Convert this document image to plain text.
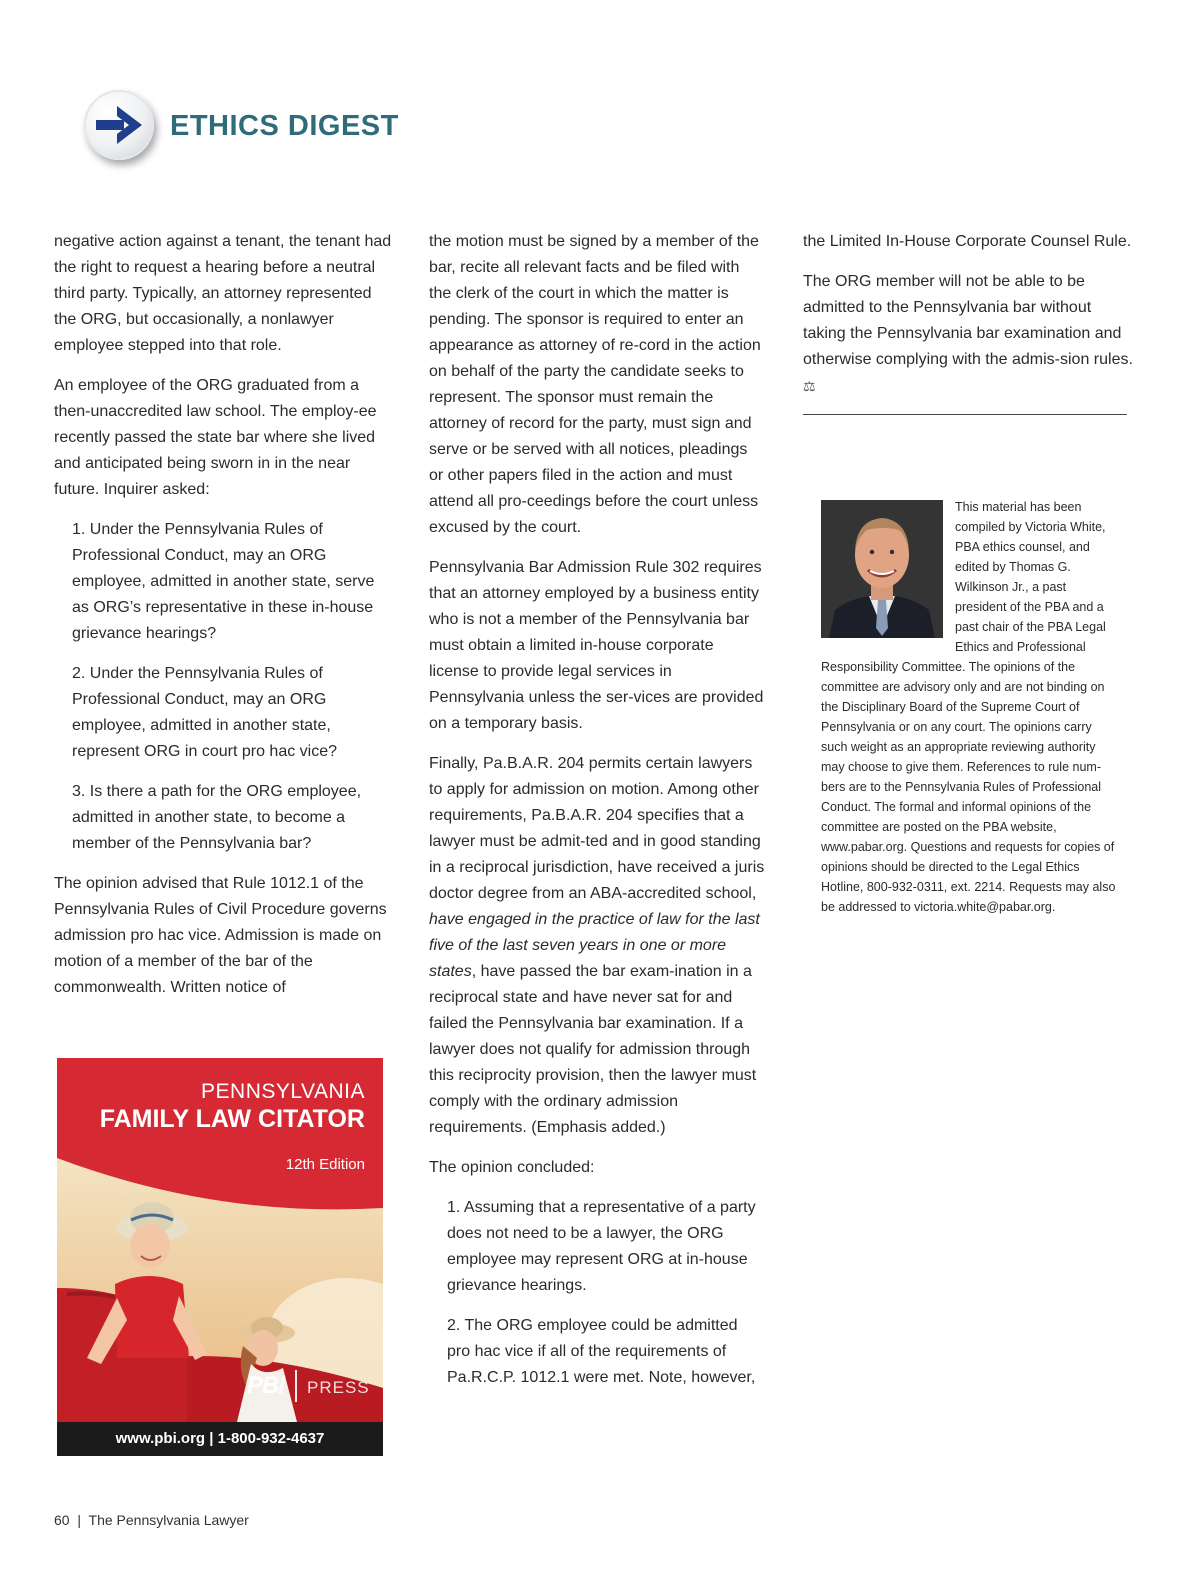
ETHICS DIGEST

negative action against a tenant, the tenant had the right to request a hearing before a neutral third party. Typically, an attorney represented the ORG, but occasionally, a nonlawyer employee stepped into that role.

An employee of the ORG graduated from a then-unaccredited law school. The employ-ee recently passed the state bar where she lived and anticipated being sworn in in the near future. Inquirer asked:

1. Under the Pennsylvania Rules of Professional Conduct, may an ORG employee, admitted in another state, serve as ORG’s representative in these in-house grievance hearings?

2. Under the Pennsylvania Rules of Professional Conduct, may an ORG employee, admitted in another state, represent ORG in court pro hac vice?

3. Is there a path for the ORG employee, admitted in another state, to become a member of the Pennsylvania bar?

The opinion advised that Rule 1012.1 of the Pennsylvania Rules of Civil Procedure governs admission pro hac vice. Admission is made on motion of a member of the bar of the commonwealth. Written notice of

the motion must be signed by a member of the bar, recite all relevant facts and be filed with the clerk of the court in which the matter is pending. The sponsor is required to enter an appearance as attorney of re-cord in the action on behalf of the party the candidate seeks to represent. The sponsor must remain the attorney of record for the party, must sign and serve or be served with all notices, pleadings or other papers filed in the action and must attend all pro-ceedings before the court unless excused by the court.

Pennsylvania Bar Admission Rule 302 requires that an attorney employed by a business entity who is not a member of the Pennsylvania bar must obtain a limited in-house corporate license to provide legal services in Pennsylvania unless the ser-vices are provided on a temporary basis.

Finally, Pa.B.A.R. 204 permits certain lawyers to apply for admission on motion. Among other requirements, Pa.B.A.R. 204 specifies that a lawyer must be admit-ted and in good standing in a reciprocal jurisdiction, have received a juris doctor degree from an ABA-accredited school, have engaged in the practice of law for the last five of the last seven years in one or more states, have passed the bar exam-ination in a reciprocal state and have never sat for and failed the Pennsylvania bar examination. If a lawyer does not qualify for admission through this reciprocity provision, then the lawyer must comply with the ordinary admission requirements. (Emphasis added.)

The opinion concluded:

1. Assuming that a representative of a party does not need to be a lawyer, the ORG employee may represent ORG at in-house grievance hearings.

2. The ORG employee could be admitted pro hac vice if all of the requirements of Pa.R.C.P. 1012.1 were met. Note, however,

the Limited In-House Corporate Counsel Rule.

The ORG member will not be able to be admitted to the Pennsylvania bar without taking the Pennsylvania bar examination and otherwise complying with the admis-sion rules. ⚖

This material has been compiled by Victoria White, PBA ethics counsel, and edited by Thomas G. Wilkinson Jr., a past president of the PBA and a past chair of the PBA Legal Ethics and Professional Responsibility Committee. The opinions of the committee are advisory only and are not binding on the Disciplinary Board of the Supreme Court of Pennsylvania or on any court. The opinions carry such weight as an appropriate reviewing authority may choose to give them. References to rule num-bers are to the Pennsylvania Rules of Professional Conduct. The formal and informal opinions of the committee are posted on the PBA website, www.pabar.org. Questions and requests for copies of opinions should be directed to the Legal Ethics Hotline, 800-932-0311, ext. 2214. Requests may also be addressed to victoria.white@pabar.org.

PENNSYLVANIA

FAMILY LAW CITATOR

12th Edition

PBI PRESS
www.pbi.org | 1-800-932-4637
60 | The Pennsylvania Lawyer
